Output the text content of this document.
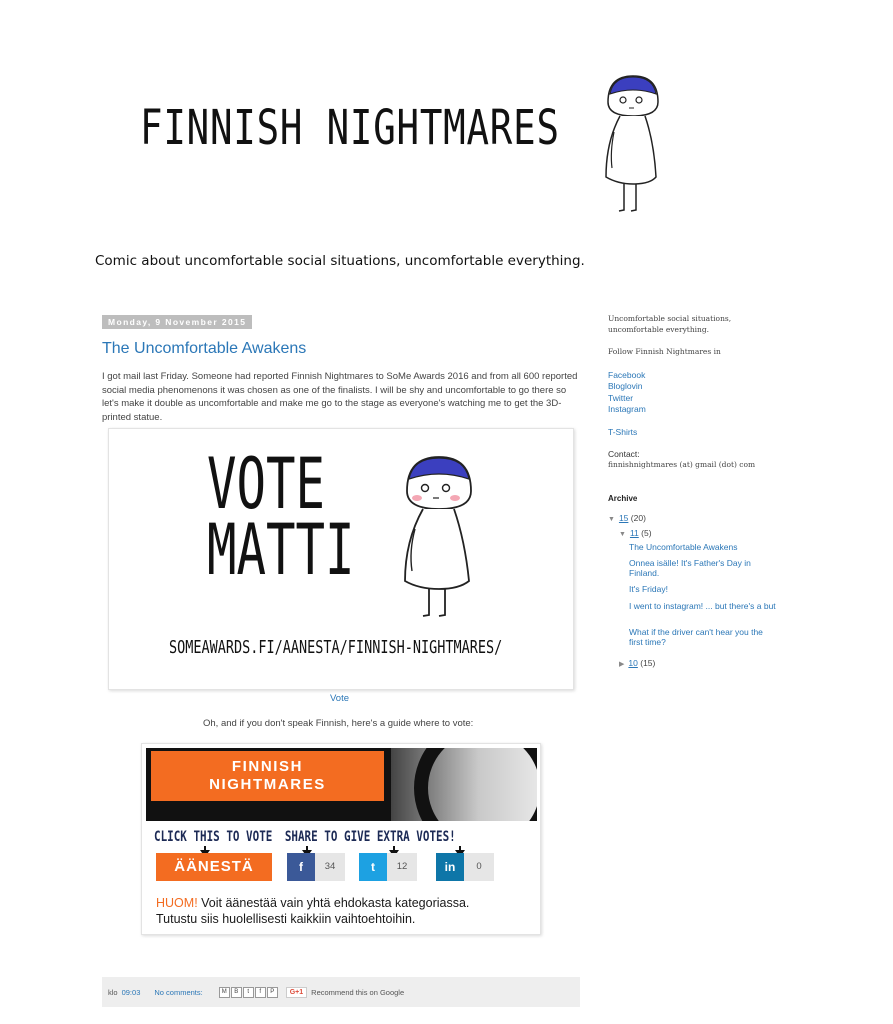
FINNISH NIGHTMARES
Comic about uncomfortable social situations, uncomfortable everything.
Monday, 9 November 2015
The Uncomfortable Awakens
I got mail last Friday. Someone had reported Finnish Nightmares to SoMe Awards 2016 and from all 600 reported social media phenomenons it was chosen as one of the finalists. I will be shy and uncomfortable to go there so let's make it double as uncomfortable and make me go to the stage as everyone's watching me to get the 3D-printed statue.
VOTE
MATTI
SOMEAWARDS.FI/AANESTA/FINNISH-NIGHTMARES/
Vote
Oh, and if you don't speak Finnish, here's a guide where to vote:
FINNISH
NIGHTMARES
CLICK THIS TO VOTE SHARE TO GIVE EXTRA VOTES!
ÄÄNESTÄ	f	34	t	12	in	0
HUOM! Voit äänestää vain yhtä ehdokasta kategoriassa.
Tutustu siis huolellisesti kaikkiin vaihtoehtoihin.
klo 09:03 No comments:	M	B	t	f	P	G+1	Recommend this on Google

Uncomfortable social situations, uncomfortable everything.

Follow Finnish Nightmares in

Facebook
Bloglovin
Twitter
Instagram
T-Shirts

Contact:

finnishnightmares (at) gmail (dot) com

Archive
▼ 15 (20)
▼ 11 (5)
The Uncomfortable Awakens
Onnea isälle! It's Father's Day in Finland.
It's Friday!
I went to instagram! ... but there's a but
What if the driver can't hear you the first time?
▶ 10 (15)
